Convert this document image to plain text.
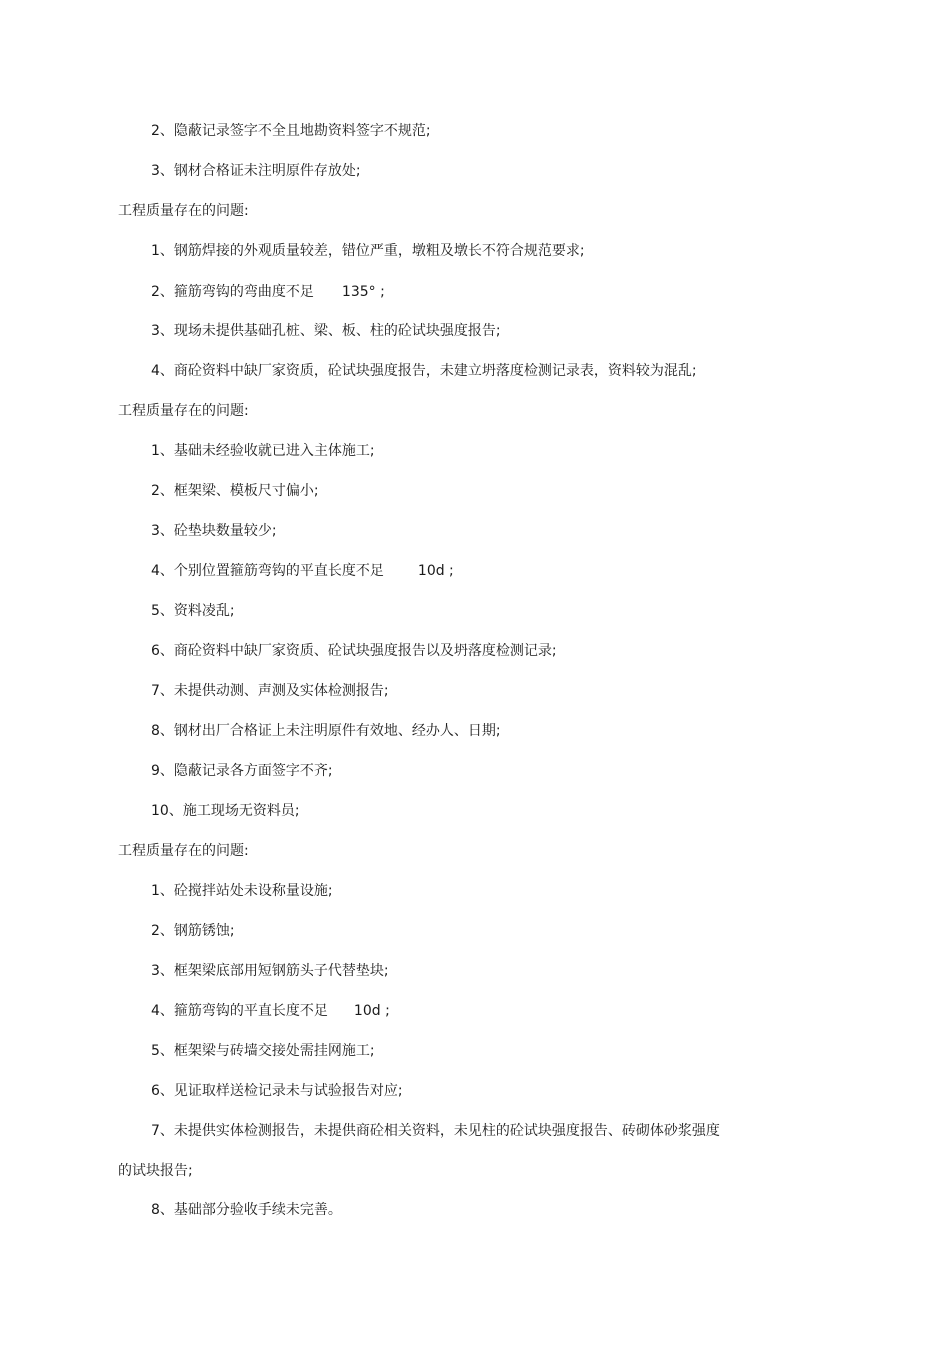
2、隐蔽记录签字不全且地勘资料签字不规范;
3、钢材合格证未注明原件存放处;
工程质量存在的问题:
1、钢筋焊接的外观质量较差，错位严重，墩粗及墩长不符合规范要求;
2、箍筋弯钩的弯曲度不足 135° ;
3、现场未提供基础孔桩、梁、板、柱的砼试块强度报告;
4、商砼资料中缺厂家资质，砼试块强度报告，未建立坍落度检测记录表，资料较为混乱;
工程质量存在的问题:
1、基础未经验收就已进入主体施工;
2、框架梁、模板尺寸偏小;
3、砼垫块数量较少;
4、个别位置箍筋弯钩的平直长度不足 10d ;
5、资料凌乱;
6、商砼资料中缺厂家资质、砼试块强度报告以及坍落度检测记录;
7、未提供动测、声测及实体检测报告;
8、钢材出厂合格证上未注明原件有效地、经办人、日期;
9、隐蔽记录各方面签字不齐;
10、施工现场无资料员;
工程质量存在的问题:
1、砼搅拌站处未设称量设施;
2、钢筋锈蚀;
3、框架梁底部用短钢筋头子代替垫块;
4、箍筋弯钩的平直长度不足 10d ;
5、框架梁与砖墙交接处需挂网施工;
6、见证取样送检记录未与试验报告对应;
7、未提供实体检测报告，未提供商砼相关资料，未见柱的砼试块强度报告、砖砌体砂浆强度
的试块报告;
8、基础部分验收手续未完善。
